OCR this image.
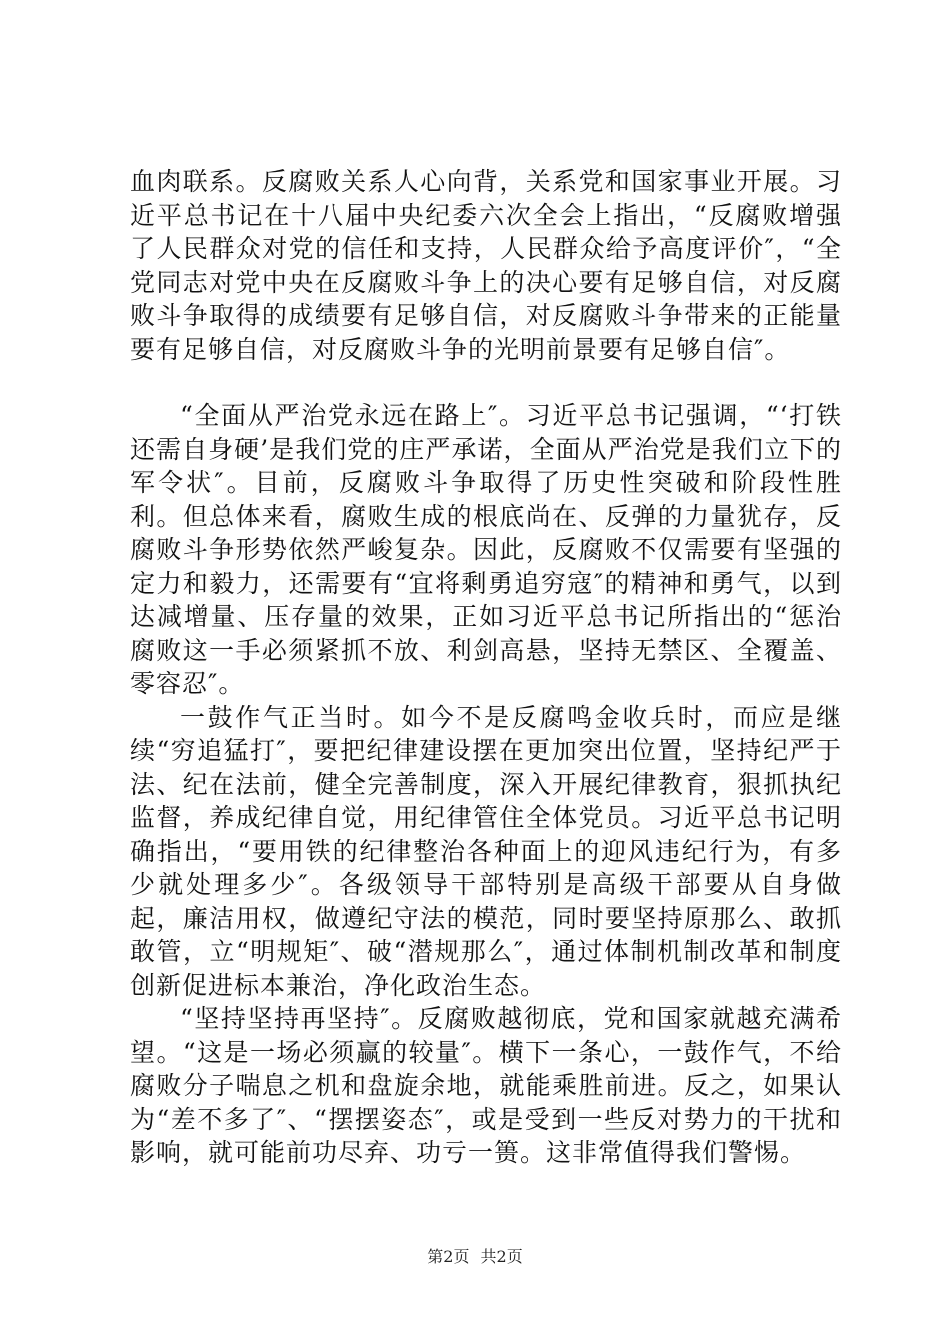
血肉联系。反腐败关系人心向背，关系党和国家事业开展。习近平总书记在十八届中央纪委六次全会上指出，“反腐败增强了人民群众对党的信任和支持，人民群众给予高度评价″，“全党同志对党中央在反腐败斗争上的决心要有足够自信，对反腐败斗争取得的成绩要有足够自信，对反腐败斗争带来的正能量要有足够自信，对反腐败斗争的光明前景要有足够自信″。

“全面从严治党永远在路上″。习近平总书记强调，“‘打铁还需自身硬’是我们党的庄严承诺，全面从严治党是我们立下的军令状″。目前，反腐败斗争取得了历史性突破和阶段性胜利。但总体来看，腐败生成的根底尚在、反弹的力量犹存，反腐败斗争形势依然严峻复杂。因此，反腐败不仅需要有坚强的定力和毅力，还需要有“宜将剩勇追穷寇″的精神和勇气，以到达减增量、压存量的效果，正如习近平总书记所指出的“惩治腐败这一手必须紧抓不放、利剑高悬，坚持无禁区、全覆盖、零容忍″。

一鼓作气正当时。如今不是反腐鸣金收兵时，而应是继续“穷追猛打″，要把纪律建设摆在更加突出位置，坚持纪严于法、纪在法前，健全完善制度，深入开展纪律教育，狠抓执纪监督，养成纪律自觉，用纪律管住全体党员。习近平总书记明确指出，“要用铁的纪律整治各种面上的迎风违纪行为，有多少就处理多少″。各级领导干部特别是高级干部要从自身做起，廉洁用权，做遵纪守法的模范，同时要坚持原那么、敢抓敢管，立“明规矩″、破“潜规那么″，通过体制机制改革和制度创新促进标本兼治，净化政治生态。

“坚持坚持再坚持″。反腐败越彻底，党和国家就越充满希望。“这是一场必须赢的较量″。横下一条心，一鼓作气，不给腐败分子喘息之机和盘旋余地，就能乘胜前进。反之，如果认为“差不多了″、“摆摆姿态″，或是受到一些反对势力的干扰和影响，就可能前功尽弃、功亏一篑。这非常值得我们警惕。

第2页 共2页
